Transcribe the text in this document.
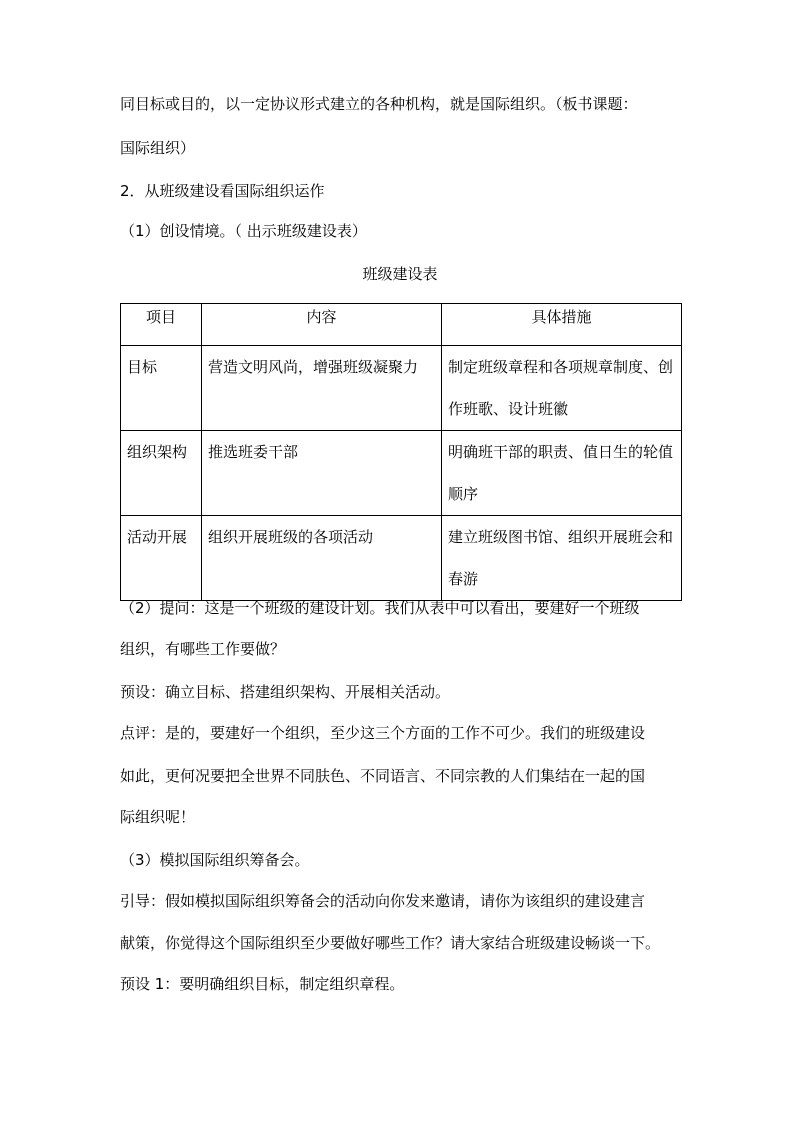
同目标或目的，以一定协议形式建立的各种机构，就是国际组织。（板书课题：
国际组织）
2．从班级建设看国际组织运作
（1）创设情境。（ 出示班级建设表）
班级建设表
项目	内容	具体措施
目标	营造文明风尚，增强班级凝聚力	制定班级章程和各项规章制度、创作班歌、设计班徽
组织架构	推选班委干部	明确班干部的职责、值日生的轮值顺序
活动开展	组织开展班级的各项活动	建立班级图书馆、组织开展班会和春游
（2）提问：这是一个班级的建设计划。我们从表中可以看出，要建好一个班级
组织，有哪些工作要做？
预设：确立目标、搭建组织架构、开展相关活动。
点评：是的，要建好一个组织，至少这三个方面的工作不可少。我们的班级建设
如此，更何况要把全世界不同肤色、不同语言、不同宗教的人们集结在一起的国
际组织呢！
（3）模拟国际组织筹备会。
引导：假如模拟国际组织筹备会的活动向你发来邀请，请你为该组织的建设建言
献策，你觉得这个国际组织至少要做好哪些工作？请大家结合班级建设畅谈一下。
预设 1：要明确组织目标，制定组织章程。
